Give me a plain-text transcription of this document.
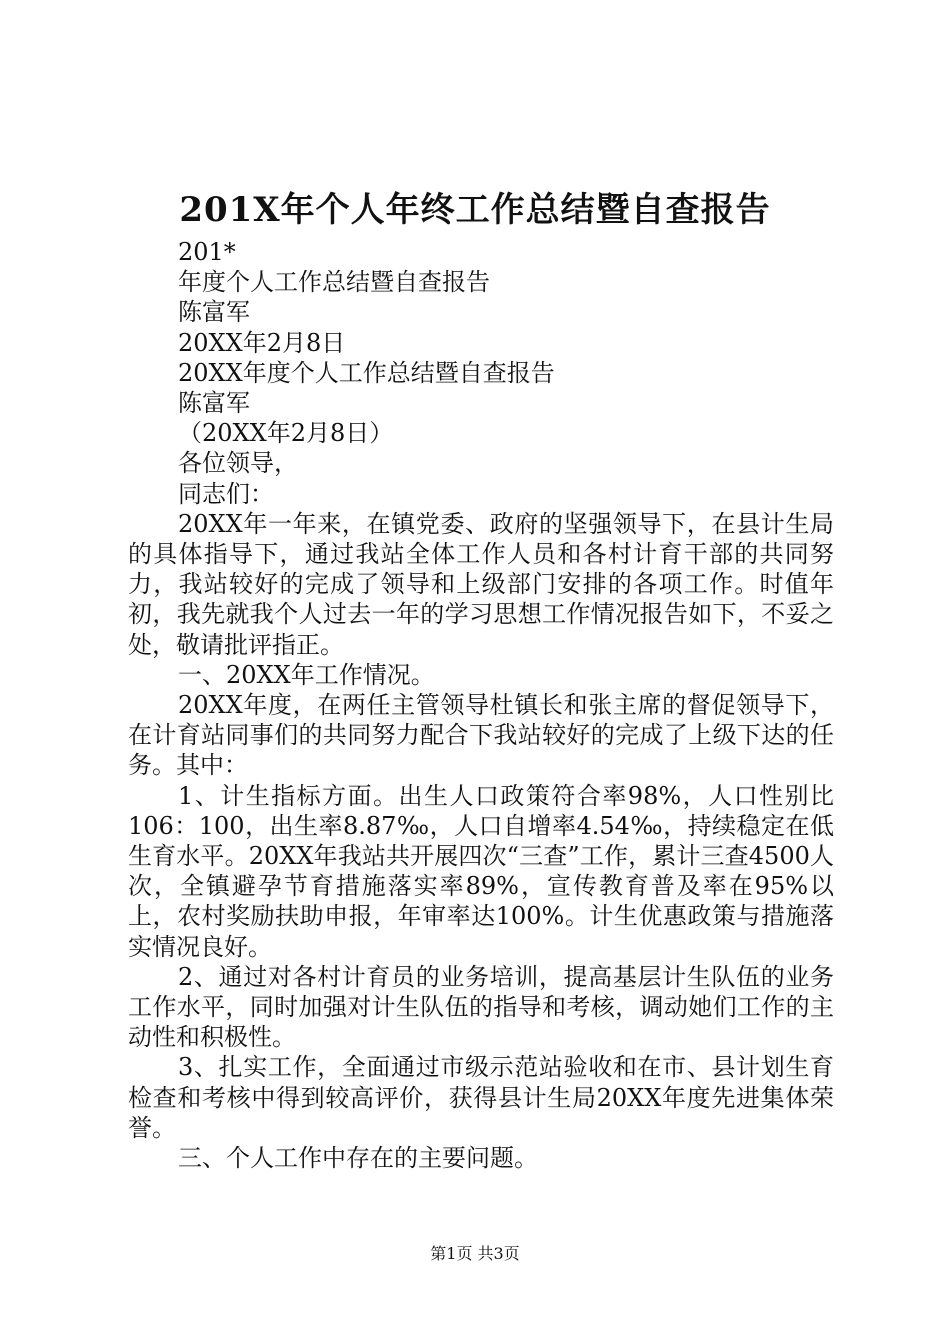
201X年个人年终工作总结暨自查报告
201*
年度个人工作总结暨自查报告
陈富军
20XX年2月8日
20XX年度个人工作总结暨自查报告
陈富军
（20XX年2月8日）
各位领导，
同志们：

20XX年一年来，在镇党委、政府的坚强领导下，在县计生局的具体指导下，通过我站全体工作人员和各村计育干部的共同努力，我站较好的完成了领导和上级部门安排的各项工作。时值年初，我先就我个人过去一年的学习思想工作情况报告如下，不妥之处，敬请批评指正。

一、20XX年工作情况。

20XX年度，在两任主管领导杜镇长和张主席的督促领导下，在计育站同事们的共同努力配合下我站较好的完成了上级下达的任务。其中：

1、计生指标方面。出生人口政策符合率98%，人口性别比106：100，出生率8.87‰，人口自增率4.54‰，持续稳定在低生育水平。20XX年我站共开展四次“三查”工作，累计三查4500人次，全镇避孕节育措施落实率89%，宣传教育普及率在95%以上，农村奖励扶助申报，年审率达100%。计生优惠政策与措施落实情况良好。

2、通过对各村计育员的业务培训，提高基层计生队伍的业务工作水平，同时加强对计生队伍的指导和考核，调动她们工作的主动性和积极性。

3、扎实工作，全面通过市级示范站验收和在市、县计划生育检查和考核中得到较高评价，获得县计生局20XX年度先进集体荣誉。

三、个人工作中存在的主要问题。

第1页 共3页
